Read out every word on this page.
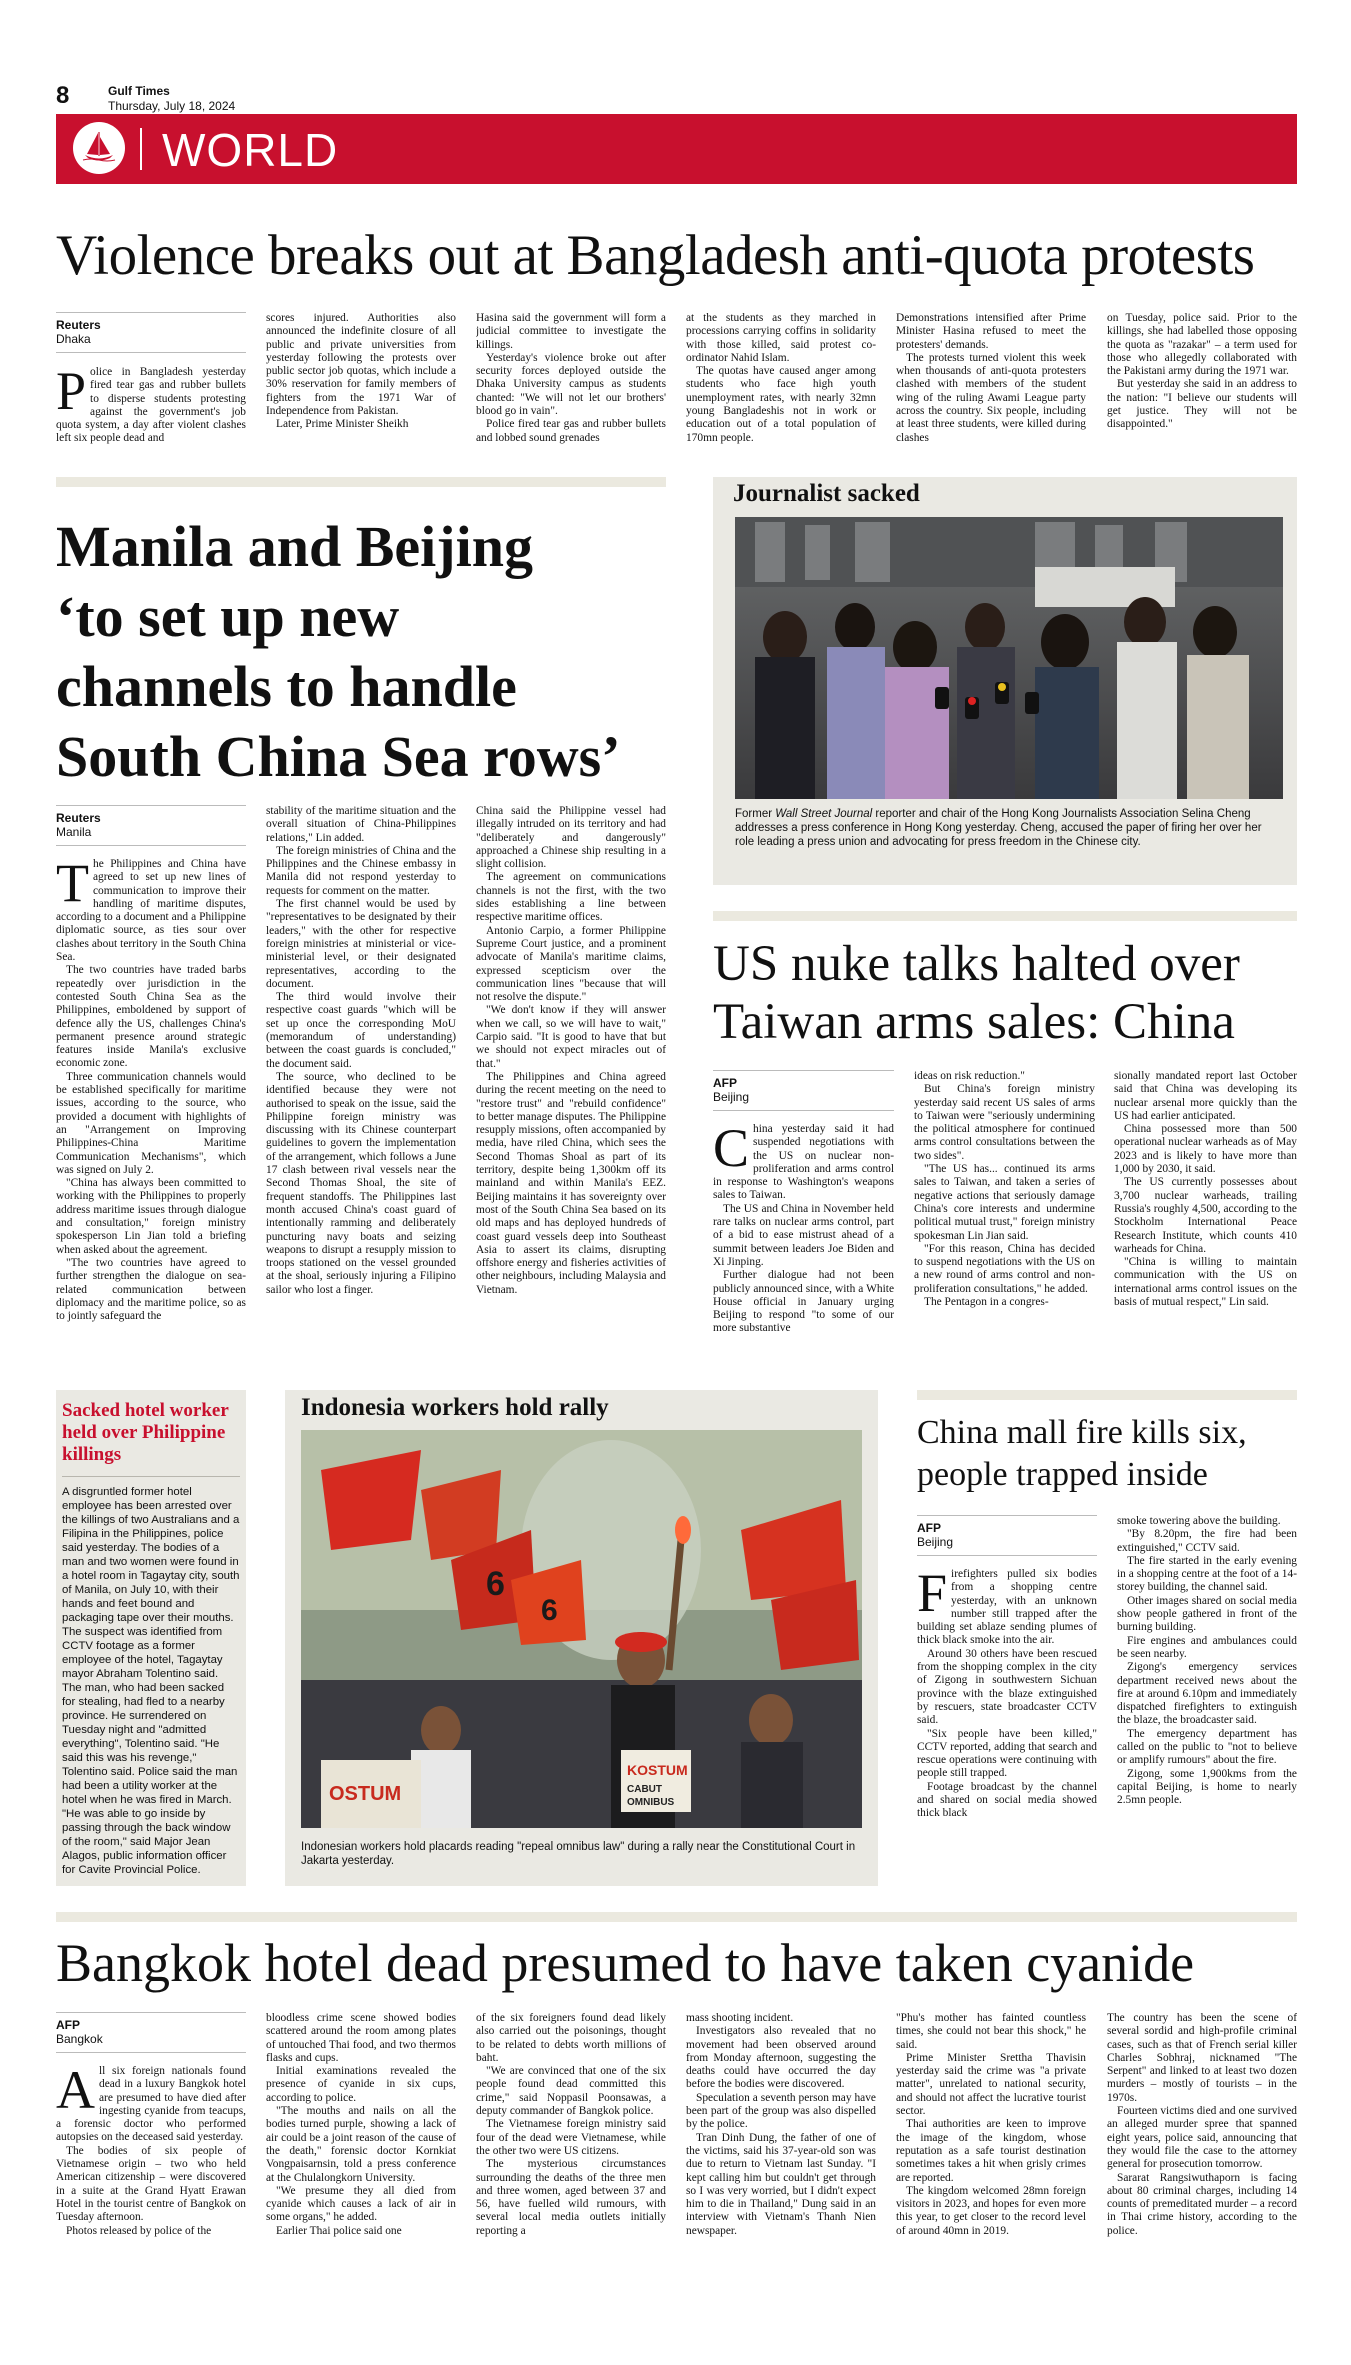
8	Gulf Times
Thursday, July 18, 2024
WORLD
Violence breaks out at Bangladesh anti-quota protests
Reuters
Dhaka
Police in Bangladesh yesterday fired tear gas and rubber bullets to disperse students protesting against the government's job quota system, a day after violent clashes left six people dead and

scores injured. Authorities also announced the indefinite closure of all public and private universities from yesterday following the protests over public sector job quotas, which include a 30% reservation for family members of fighters from the 1971 War of Independence from Pakistan.

Later, Prime Minister Sheikh

Hasina said the government will form a judicial committee to investigate the killings.

Yesterday's violence broke out after security forces deployed outside the Dhaka University campus as students chanted: "We will not let our brothers' blood go in vain".

Police fired tear gas and rubber bullets and lobbed sound grenades

at the students as they marched in processions carrying coffins in solidarity with those killed, said protest co-ordinator Nahid Islam.

The quotas have caused anger among students who face high youth unemployment rates, with nearly 32mn young Bangladeshis not in work or education out of a total population of 170mn people.

Demonstrations intensified after Prime Minister Hasina refused to meet the protesters' demands.

The protests turned violent this week when thousands of anti-quota protesters clashed with members of the student wing of the ruling Awami League party across the country. Six people, including at least three students, were killed during clashes

on Tuesday, police said. Prior to the killings, she had labelled those opposing the quota as "razakar" – a term used for those who allegedly collaborated with the Pakistani army during the 1971 war.

But yesterday she said in an address to the nation: "I believe our students will get justice. They will not be disappointed."

Manila and Beijing
‘to set up new
channels to handle
South China Sea rows’
Reuters
Manila
The Philippines and China have agreed to set up new lines of communication to improve their handling of maritime disputes, according to a document and a Philippine diplomatic source, as ties sour over clashes about territory in the South China Sea.

The two countries have traded barbs repeatedly over jurisdiction in the contested South China Sea as the Philippines, emboldened by support of defence ally the US, challenges China's permanent presence around strategic features inside Manila's exclusive economic zone.

Three communication channels would be established specifically for maritime issues, according to the source, who provided a document with highlights of an "Arrangement on Improving Philippines-China Maritime Communication Mechanisms", which was signed on July 2.

"China has always been committed to working with the Philippines to properly address maritime issues through dialogue and consultation," foreign ministry spokesperson Lin Jian told a briefing when asked about the agreement.

"The two countries have agreed to further strengthen the dialogue on sea-related communication between diplomacy and the maritime police, so as to jointly safeguard the

stability of the maritime situation and the overall situation of China-Philippines relations," Lin added.

The foreign ministries of China and the Philippines and the Chinese embassy in Manila did not respond yesterday to requests for comment on the matter.

The first channel would be used by "representatives to be designated by their leaders," with the other for respective foreign ministries at ministerial or vice-ministerial level, or their designated representatives, according to the document.

The third would involve their respective coast guards "which will be set up once the corresponding MoU (memorandum of understanding) between the coast guards is concluded," the document said.

The source, who declined to be identified because they were not authorised to speak on the issue, said the Philippine foreign ministry was discussing with its Chinese counterpart guidelines to govern the implementation of the arrangement, which follows a June 17 clash between rival vessels near the Second Thomas Shoal, the site of frequent standoffs. The Philippines last month accused China's coast guard of intentionally ramming and deliberately puncturing navy boats and seizing weapons to disrupt a resupply mission to troops stationed on the vessel grounded at the shoal, seriously injuring a Filipino sailor who lost a finger.

China said the Philippine vessel had illegally intruded on its territory and had "deliberately and dangerously" approached a Chinese ship resulting in a slight collision.

The agreement on communications channels is not the first, with the two sides establishing a line between respective maritime offices.

Antonio Carpio, a former Philippine Supreme Court justice, and a prominent advocate of Manila's maritime claims, expressed scepticism over the communication lines "because that will not resolve the dispute."

"We don't know if they will answer when we call, so we will have to wait," Carpio said. "It is good to have that but we should not expect miracles out of that."

The Philippines and China agreed during the recent meeting on the need to "restore trust" and "rebuild confidence" to better manage disputes. The Philippine resupply missions, often accompanied by media, have riled China, which sees the Second Thomas Shoal as part of its territory, despite being 1,300km off its mainland and within Manila's EEZ. Beijing maintains it has sovereignty over most of the South China Sea based on its old maps and has deployed hundreds of coast guard vessels deep into Southeast Asia to assert its claims, disrupting offshore energy and fisheries activities of other neighbours, including Malaysia and Vietnam.

Journalist sacked
Former Wall Street Journal reporter and chair of the Hong Kong Journalists Association Selina Cheng addresses a press conference in Hong Kong yesterday. Cheng, accused the paper of firing her over her role leading a press union and advocating for press freedom in the Chinese city.
US nuke talks halted over
Taiwan arms sales: China
AFP
Beijing
China yesterday said it had suspended negotiations with the US on nuclear non-proliferation and arms control in response to Washington's weapons sales to Taiwan.

The US and China in November held rare talks on nuclear arms control, part of a bid to ease mistrust ahead of a summit between leaders Joe Biden and Xi Jinping.

Further dialogue had not been publicly announced since, with a White House official in January urging Beijing to respond "to some of our more substantive

ideas on risk reduction."

But China's foreign ministry yesterday said recent US sales of arms to Taiwan were "seriously undermining the political atmosphere for continued arms control consultations between the two sides".

"The US has... continued its arms sales to Taiwan, and taken a series of negative actions that seriously damage China's core interests and undermine political mutual trust," foreign ministry spokesman Lin Jian said.

"For this reason, China has decided to suspend negotiations with the US on a new round of arms control and non-proliferation consultations," he added.

The Pentagon in a congres-

sionally mandated report last October said that China was developing its nuclear arsenal more quickly than the US had earlier anticipated.

China possessed more than 500 operational nuclear warheads as of May 2023 and is likely to have more than 1,000 by 2030, it said.

The US currently possesses about 3,700 nuclear warheads, trailing Russia's roughly 4,500, according to the Stockholm International Peace Research Institute, which counts 410 warheads for China.

"China is willing to maintain communication with the US on international arms control issues on the basis of mutual respect," Lin said.

Sacked hotel worker held over Philippine killings
A disgruntled former hotel employee has been arrested over the killings of two Australians and a Filipina in the Philippines, police said yesterday. The bodies of a man and two women were found in a hotel room in Tagaytay city, south of Manila, on July 10, with their hands and feet bound and packaging tape over their mouths. The suspect was identified from CCTV footage as a former employee of the hotel, Tagaytay mayor Abraham Tolentino said. The man, who had been sacked for stealing, had fled to a nearby province. He surrendered on Tuesday night and "admitted everything", Tolentino said. "He said this was his revenge," Tolentino said. Police said the man had been a utility worker at the hotel when he was fired in March. "He was able to go inside by passing through the back window of the room," said Major Jean Alagos, public information officer for Cavite Provincial Police.
Indonesia workers hold rally
6
6
OSTUM
KOSTUM
CABUT
OMNIBUS
Indonesian workers hold placards reading "repeal omnibus law" during a rally near the Constitutional Court in Jakarta yesterday.
China mall fire kills six,
people trapped inside
AFP
Beijing
Firefighters pulled six bodies from a shopping centre yesterday, with an unknown number still trapped after the building set ablaze sending plumes of thick black smoke into the air.

Around 30 others have been rescued from the shopping complex in the city of Zigong in southwestern Sichuan province with the blaze extinguished by rescuers, state broadcaster CCTV said.

"Six people have been killed," CCTV reported, adding that search and rescue operations were continuing with people still trapped.

Footage broadcast by the channel and shared on social media showed thick black

smoke towering above the building.

"By 8.20pm, the fire had been extinguished," CCTV said.

The fire started in the early evening in a shopping centre at the foot of a 14-storey building, the channel said.

Other images shared on social media show people gathered in front of the burning building.

Fire engines and ambulances could be seen nearby.

Zigong's emergency services department received news about the fire at around 6.10pm and immediately dispatched firefighters to extinguish the blaze, the broadcaster said.

The emergency department has called on the public to "not to believe or amplify rumours" about the fire.

Zigong, some 1,900kms from the capital Beijing, is home to nearly 2.5mn people.

Bangkok hotel dead presumed to have taken cyanide
AFP
Bangkok
All six foreign nationals found dead in a luxury Bangkok hotel are presumed to have died after ingesting cyanide from teacups, a forensic doctor who performed autopsies on the deceased said yesterday.

The bodies of six people of Vietnamese origin – two who held American citizenship – were discovered in a suite at the Grand Hyatt Erawan Hotel in the tourist centre of Bangkok on Tuesday afternoon.

Photos released by police of the

bloodless crime scene showed bodies scattered around the room among plates of untouched Thai food, and two thermos flasks and cups.

Initial examinations revealed the presence of cyanide in six cups, according to police.

"The mouths and nails on all the bodies turned purple, showing a lack of air could be a joint reason of the cause of the death," forensic doctor Kornkiat Vongpaisarnsin, told a press conference at the Chulalongkorn University.

"We presume they all died from cyanide which causes a lack of air in some organs," he added.

Earlier Thai police said one

of the six foreigners found dead likely also carried out the poisonings, thought to be related to debts worth millions of baht.

"We are convinced that one of the six people found dead committed this crime," said Noppasil Poonsawas, a deputy commander of Bangkok police.

The Vietnamese foreign ministry said four of the dead were Vietnamese, while the other two were US citizens.

The mysterious circumstances surrounding the deaths of the three men and three women, aged between 37 and 56, have fuelled wild rumours, with several local media outlets initially reporting a

mass shooting incident.

Investigators also revealed that no movement had been observed around from Monday afternoon, suggesting the deaths could have occurred the day before the bodies were discovered.

Speculation a seventh person may have been part of the group was also dispelled by the police.

Tran Dinh Dung, the father of one of the victims, said his 37-year-old son was due to return to Vietnam last Sunday. "I kept calling him but couldn't get through so I was very worried, but I didn't expect him to die in Thailand," Dung said in an interview with Vietnam's Thanh Nien newspaper.

"Phu's mother has fainted countless times, she could not bear this shock," he said.

Prime Minister Srettha Thavisin yesterday said the crime was "a private matter", unrelated to national security, and should not affect the lucrative tourist sector.

Thai authorities are keen to improve the image of the kingdom, whose reputation as a safe tourist destination sometimes takes a hit when grisly crimes are reported.

The kingdom welcomed 28mn foreign visitors in 2023, and hopes for even more this year, to get closer to the record level of around 40mn in 2019.

The country has been the scene of several sordid and high-profile criminal cases, such as that of French serial killer Charles Sobhraj, nicknamed "The Serpent" and linked to at least two dozen murders – mostly of tourists – in the 1970s.

Fourteen victims died and one survived an alleged murder spree that spanned eight years, police said, announcing that they would file the case to the attorney general for prosecution tomorrow.

Sararat Rangsiwuthaporn is facing about 80 criminal charges, including 14 counts of premeditated murder – a record in Thai crime history, according to the police.
